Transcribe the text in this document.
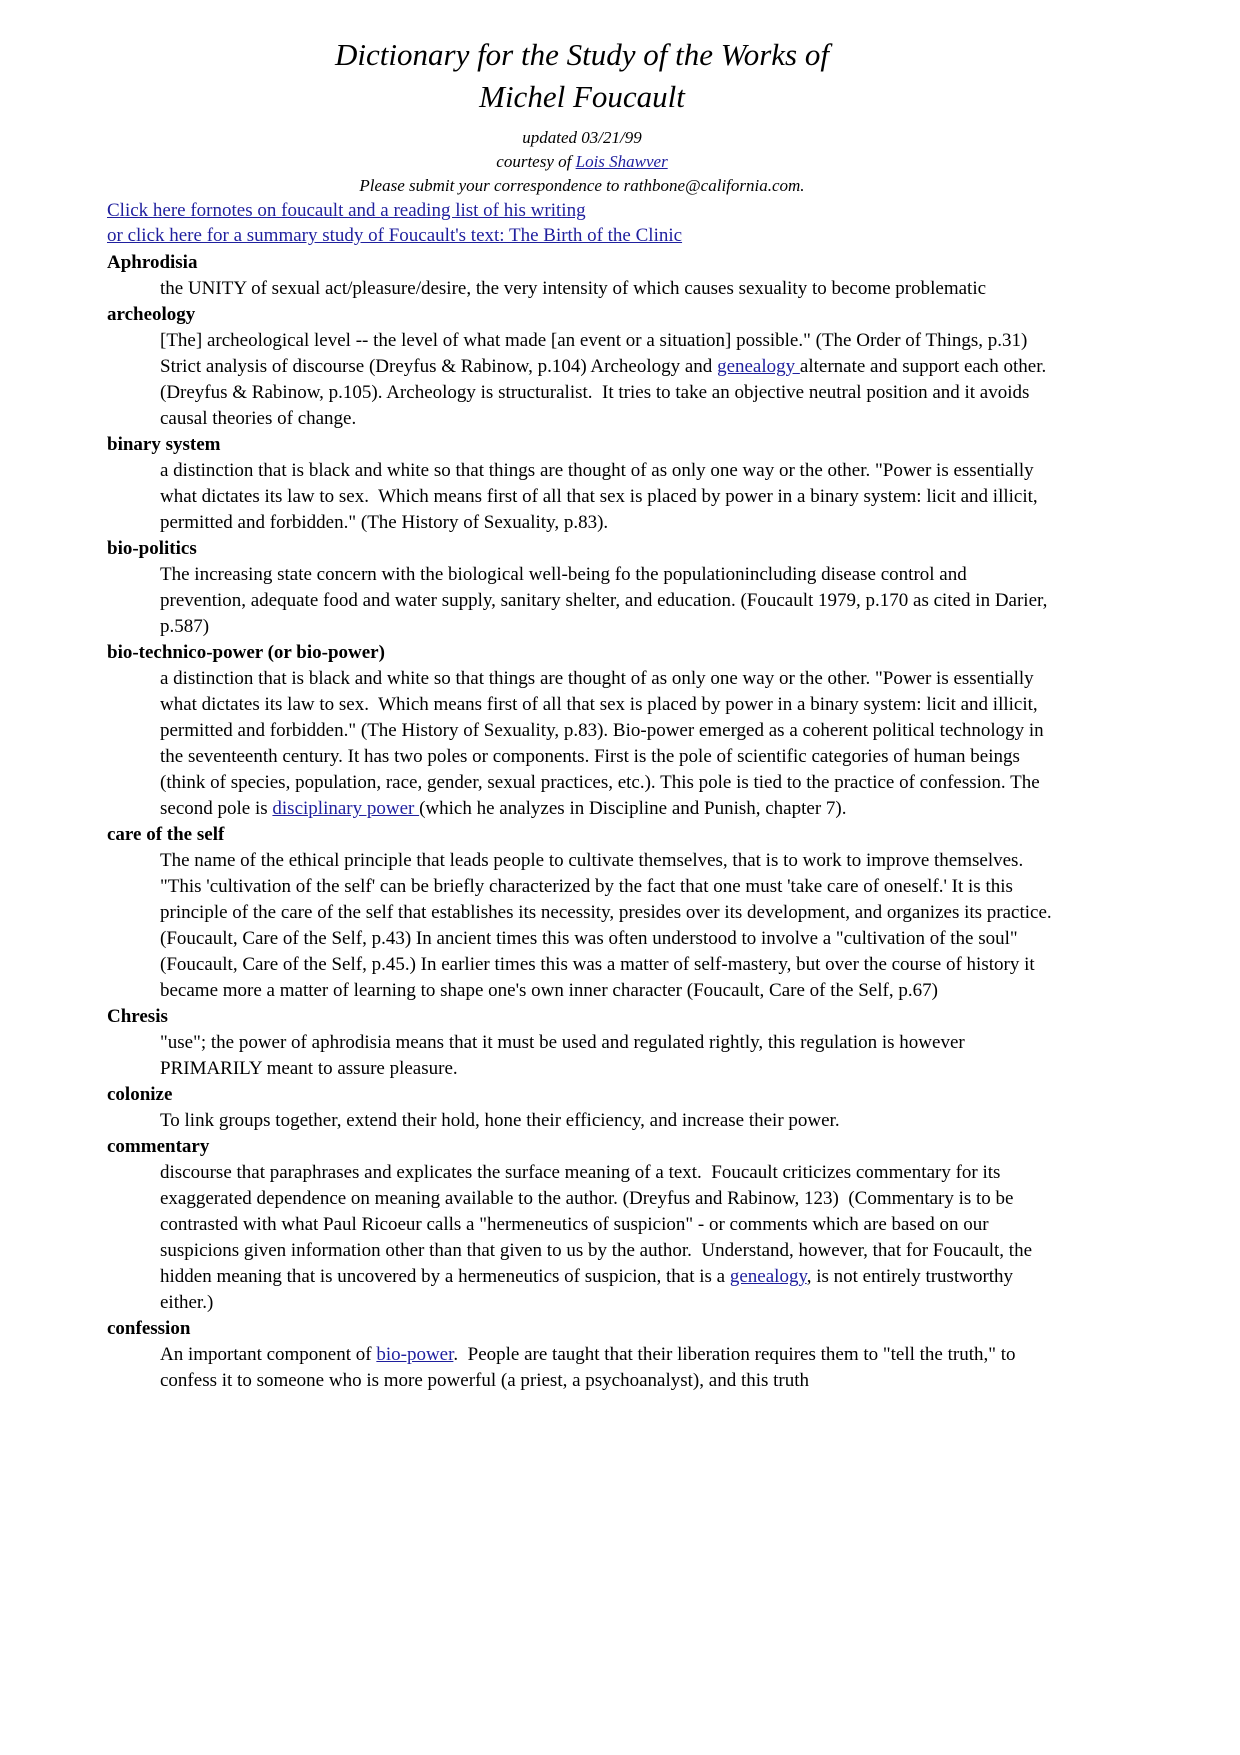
Dictionary for the Study of the Works of
Michel Foucault
updated 03/21/99
courtesy of Lois Shawver
Please submit your correspondence to rathbone@california.com.
Click here fornotes on foucault and a reading list of his writing
or click here for a summary study of Foucault's text: The Birth of the Clinic
Aphrodisia
the UNITY of sexual act/pleasure/desire, the very intensity of which causes sexuality to become problematic
archeology
[The] archeological level -- the level of what made [an event or a situation] possible." (The Order of Things, p.31) Strict analysis of discourse (Dreyfus & Rabinow, p.104) Archeology and genealogy alternate and support each other.(Dreyfus & Rabinow, p.105). Archeology is structuralist.  It tries to take an objective neutral position and it avoids causal theories of change.
binary system
a distinction that is black and white so that things are thought of as only one way or the other. "Power is essentially what dictates its law to sex.  Which means first of all that sex is placed by power in a binary system: licit and illicit, permitted and forbidden." (The History of Sexuality, p.83).
bio-politics
The increasing state concern with the biological well-being fo the populationincluding disease control and prevention, adequate food and water supply, sanitary shelter, and education. (Foucault 1979, p.170 as cited in Darier, p.587)
bio-technico-power (or bio-power)
a distinction that is black and white so that things are thought of as only one way or the other. "Power is essentially what dictates its law to sex.  Which means first of all that sex is placed by power in a binary system: licit and illicit, permitted and forbidden." (The History of Sexuality, p.83). Bio-power emerged as a coherent political technology in the seventeenth century. It has two poles or components. First is the pole of scientific categories of human beings (think of species, population, race, gender, sexual practices, etc.). This pole is tied to the practice of confession. The second pole is disciplinary power (which he analyzes in Discipline and Punish, chapter 7).
care of the self
The name of the ethical principle that leads people to cultivate themselves, that is to work to improve themselves.
"This 'cultivation of the self' can be briefly characterized by the fact that one must 'take care of oneself.' It is this principle of the care of the self that establishes its necessity, presides over its development, and organizes its practice.(Foucault, Care of the Self, p.43) In ancient times this was often understood to involve a "cultivation of the soul" (Foucault, Care of the Self, p.45.) In earlier times this was a matter of self-mastery, but over the course of history it became more a matter of learning to shape one's own inner character (Foucault, Care of the Self, p.67)
Chresis
"use"; the power of aphrodisia means that it must be used and regulated rightly, this regulation is however PRIMARILY meant to assure pleasure.
colonize
To link groups together, extend their hold, hone their efficiency, and increase their power.
commentary
discourse that paraphrases and explicates the surface meaning of a text.  Foucault criticizes commentary for its exaggerated dependence on meaning available to the author. (Dreyfus and Rabinow, 123)  (Commentary is to be contrasted with what Paul Ricoeur calls a "hermeneutics of suspicion" - or comments which are based on our suspicions given information other than that given to us by the author.  Understand, however, that for Foucault, the hidden meaning that is uncovered by a hermeneutics of suspicion, that is a genealogy, is not entirely trustworthy either.)
confession
An important component of bio-power.  People are taught that their liberation requires them to "tell the truth," to confess it to someone who is more powerful (a priest, a psychoanalyst), and this truth
